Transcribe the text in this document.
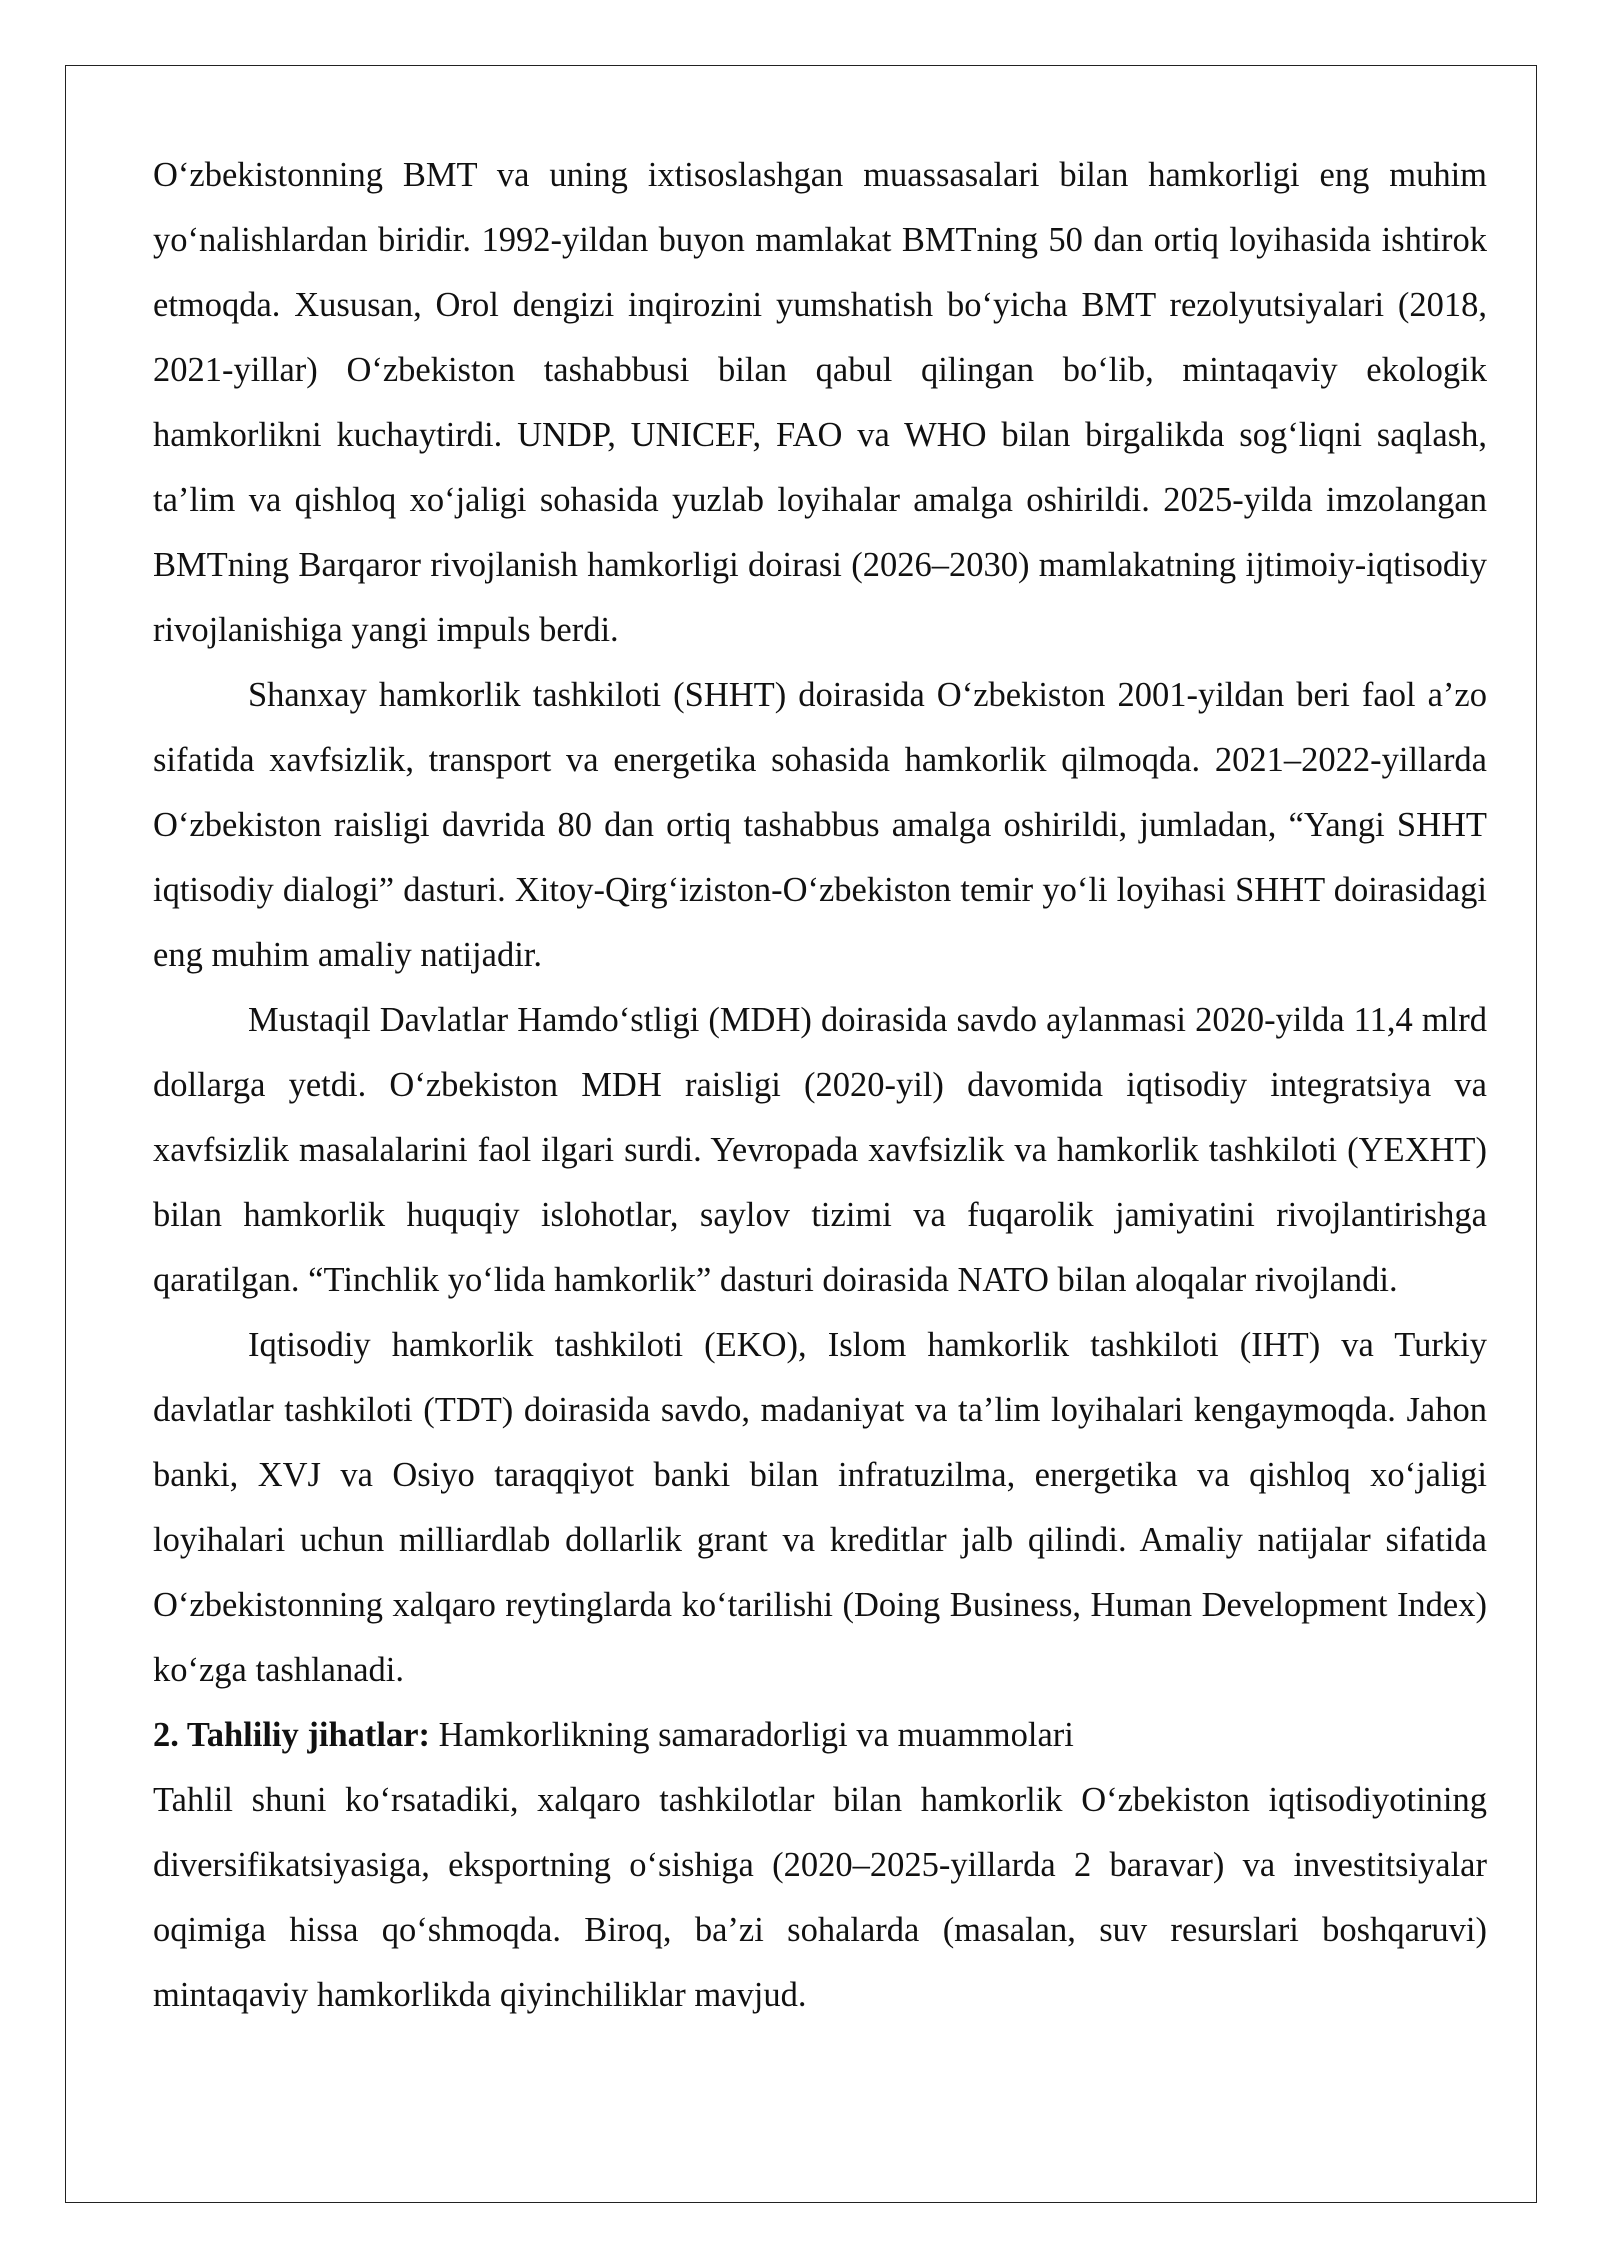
O‘zbekistonning BMT va uning ixtisoslashgan muassasalari bilan hamkorligi eng muhim yo‘nalishlardan biridir. 1992-yildan buyon mamlakat BMTning 50 dan ortiq loyihasida ishtirok etmoqda. Xususan, Orol dengizi inqirozini yumshatish bo‘yicha BMT rezolyutsiyalari (2018, 2021-yillar) O‘zbekiston tashabbusi bilan qabul qilingan bo‘lib, mintaqaviy ekologik hamkorlikni kuchaytirdi. UNDP, UNICEF, FAO va WHO bilan birgalikda sog‘liqni saqlash, ta’lim va qishloq xo‘jaligi sohasida yuzlab loyihalar amalga oshirildi. 2025-yilda imzolangan BMTning Barqaror rivojlanish hamkorligi doirasi (2026–2030) mamlakatning ijtimoiy-iqtisodiy rivojlanishiga yangi impuls berdi.

Shanxay hamkorlik tashkiloti (SHHT) doirasida O‘zbekiston 2001-yildan beri faol a’zo sifatida xavfsizlik, transport va energetika sohasida hamkorlik qilmoqda. 2021–2022-yillarda O‘zbekiston raisligi davrida 80 dan ortiq tashabbus amalga oshirildi, jumladan, “Yangi SHHT iqtisodiy dialogi” dasturi. Xitoy-Qirg‘iziston-O‘zbekiston temir yo‘li loyihasi SHHT doirasidagi eng muhim amaliy natijadir.

Mustaqil Davlatlar Hamdo‘stligi (MDH) doirasida savdo aylanmasi 2020-yilda 11,4 mlrd dollarga yetdi. O‘zbekiston MDH raisligi (2020-yil) davomida iqtisodiy integratsiya va xavfsizlik masalalarini faol ilgari surdi. Yevropada xavfsizlik va hamkorlik tashkiloti (YEXHT) bilan hamkorlik huquqiy islohotlar, saylov tizimi va fuqarolik jamiyatini rivojlantirishga qaratilgan. “Tinchlik yo‘lida hamkorlik” dasturi doirasida NATO bilan aloqalar rivojlandi.

Iqtisodiy hamkorlik tashkiloti (EKO), Islom hamkorlik tashkiloti (IHT) va Turkiy davlatlar tashkiloti (TDT) doirasida savdo, madaniyat va ta’lim loyihalari kengaymoqda. Jahon banki, XVJ va Osiyo taraqqiyot banki bilan infratuzilma, energetika va qishloq xo‘jaligi loyihalari uchun milliardlab dollarlik grant va kreditlar jalb qilindi. Amaliy natijalar sifatida O‘zbekistonning xalqaro reytinglarda ko‘tarilishi (Doing Business, Human Development Index) ko‘zga tashlanadi.

2. Tahliliy jihatlar: Hamkorlikning samaradorligi va muammolari

Tahlil shuni ko‘rsatadiki, xalqaro tashkilotlar bilan hamkorlik O‘zbekiston iqtisodiyotining diversifikatsiyasiga, eksportning o‘sishiga (2020–2025-yillarda 2 baravar) va investitsiyalar oqimiga hissa qo‘shmoqda. Biroq, ba’zi sohalarda (masalan, suv resurslari boshqaruvi) mintaqaviy hamkorlikda qiyinchiliklar mavjud.
